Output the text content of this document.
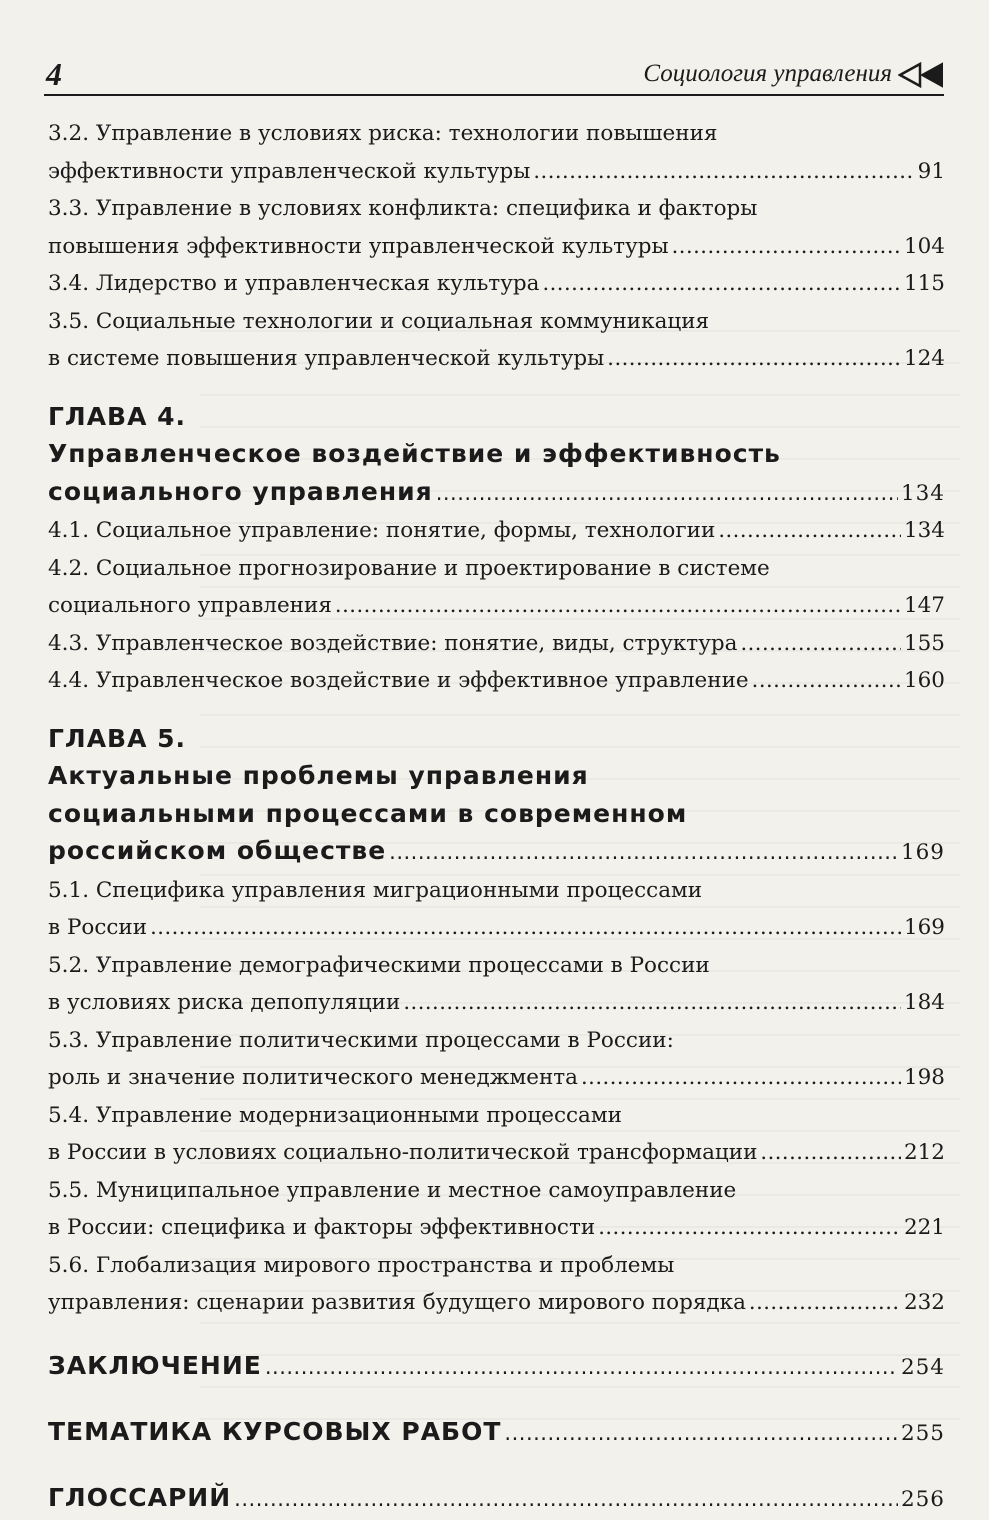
4	Социология управления
3.2. Управление в условиях риска: технологии повышения
эффективности управленческой культуры .....	91
3.3. Управление в условиях конфликта: специфика и факторы
повышения эффективности управленческой культуры .....	104
3.4. Лидерство и управленческая культура .....	115
3.5. Социальные технологии и социальная коммуникация
в системе повышения управленческой культуры .....	124
ГЛАВА 4.
Управленческое воздействие и эффективность
социального управления .....	134
4.1. Социальное управление: понятие, формы, технологии .....	134
4.2. Социальное прогнозирование и проектирование в системе
социального управления .....	147
4.3. Управленческое воздействие: понятие, виды, структура .....	155
4.4. Управленческое воздействие и эффективное управление .....	160
ГЛАВА 5.
Актуальные проблемы управления
социальными процессами в современном
российском обществе .....	169
5.1. Специфика управления миграционными процессами
в России .....	169
5.2. Управление демографическими процессами в России
в условиях риска депопуляции .....	184
5.3. Управление политическими процессами в России:
роль и значение политического менеджмента .....	198
5.4. Управление модернизационными процессами
в России в условиях социально-политической трансформации .....	212
5.5. Муниципальное управление и местное самоуправление
в России: специфика и факторы эффективности .....	221
5.6. Глобализация мирового пространства и проблемы
управления: сценарии развития будущего мирового порядка .....	232
ЗАКЛЮЧЕНИЕ .....	254
ТЕМАТИКА КУРСОВЫХ РАБОТ .....	255
ГЛОССАРИЙ .....	256
